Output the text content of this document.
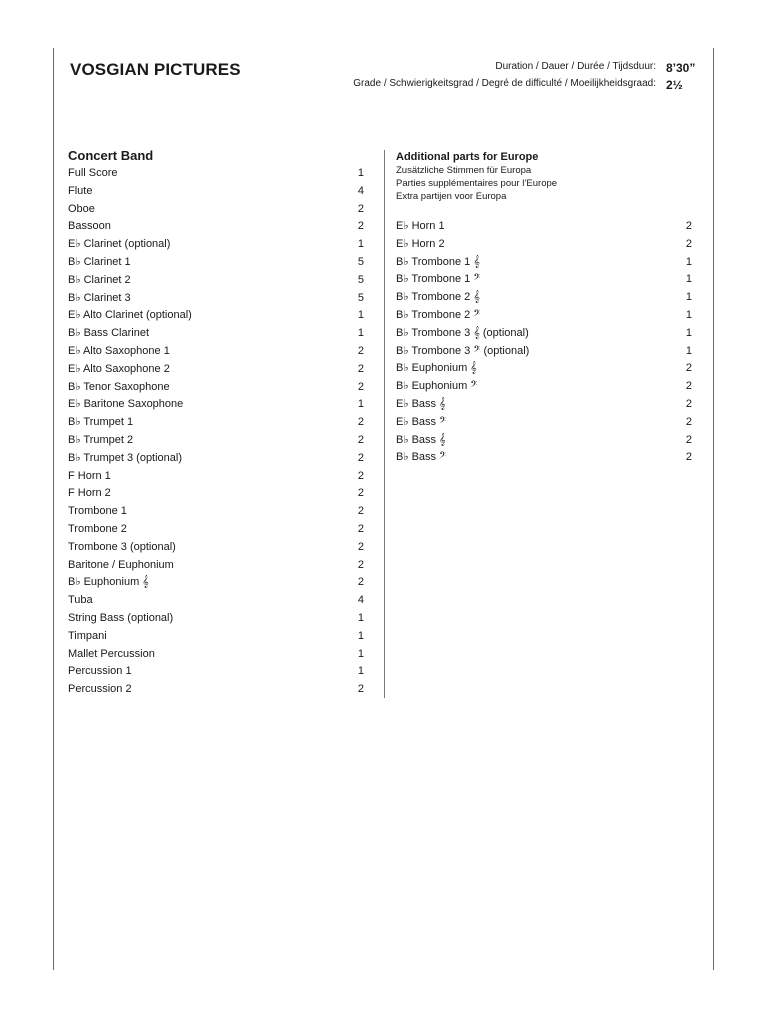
VOSGIAN PICTURES	Duration / Dauer / Durée / Tijdsduur: 8’30”
Grade / Schwierigkeitsgrad / Degré de difficulté / Moeilijkheidsgraad: 2½
Concert Band
Full Score	1
Flute	4
Oboe	2
Bassoon	2
E♭ Clarinet (optional)	1
B♭ Clarinet 1	5
B♭ Clarinet 2	5
B♭ Clarinet 3	5
E♭ Alto Clarinet (optional)	1
B♭ Bass Clarinet	1
E♭ Alto Saxophone 1	2
E♭ Alto Saxophone 2	2
B♭ Tenor Saxophone	2
E♭ Baritone Saxophone	1
B♭ Trumpet 1	2
B♭ Trumpet 2	2
B♭ Trumpet 3 (optional)	2
F Horn 1	2
F Horn 2	2
Trombone 1	2
Trombone 2	2
Trombone 3 (optional)	2
Baritone / Euphonium	2
B♭ Euphonium 𝄞	2
Tuba	4
String Bass (optional)	1
Timpani	1
Mallet Percussion	1
Percussion 1	1
Percussion 2	2
Additional parts for Europe
Zusätzliche Stimmen für Europa
Parties supplémentaires pour l’Europe
Extra partijen voor Europa
E♭ Horn 1	2
E♭ Horn 2	2
B♭ Trombone 1 𝄞	1
B♭ Trombone 1 𝄢	1
B♭ Trombone 2 𝄞	1
B♭ Trombone 2 𝄢	1
B♭ Trombone 3 𝄞 (optional)	1
B♭ Trombone 3 𝄢 (optional)	1
B♭ Euphonium 𝄞	2
B♭ Euphonium 𝄢	2
E♭ Bass 𝄞	2
E♭ Bass 𝄢	2
B♭ Bass 𝄞	2
B♭ Bass 𝄢	2
